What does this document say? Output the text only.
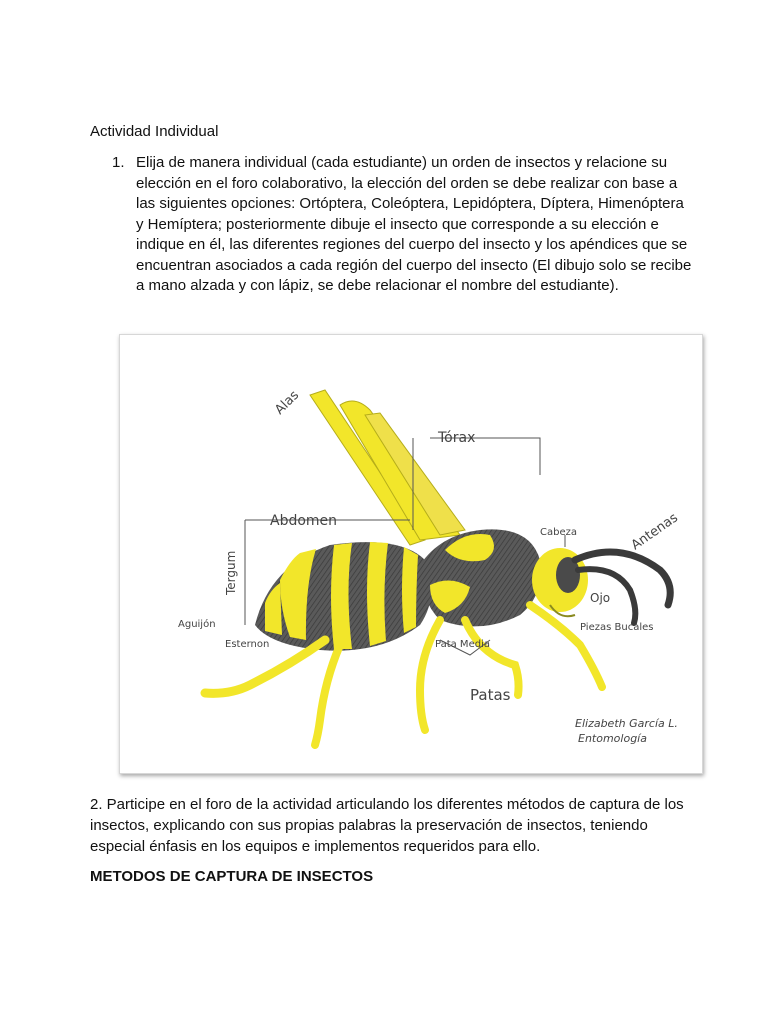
Actividad Individual
1. Elija de manera individual (cada estudiante) un orden de insectos y relacione su elección en el foro colaborativo, la elección del orden se debe realizar con base a las siguientes opciones: Ortóptera, Coleóptera, Lepidóptera, Díptera, Himenóptera y Hemíptera; posteriormente dibuje el insecto que corresponde a su elección e indique en él, las diferentes regiones del cuerpo del insecto y los apéndices que se encuentran asociados a cada región del cuerpo del insecto (El dibujo solo se recibe a mano alzada y con lápiz, se debe relacionar el nombre del estudiante).
Alas
Tórax
Abdomen
Cabeza	Antenas
Tergum
Ojo
Aguijón
Esternon	Pata Media
Piezas Bucales
Patas
Elizabeth García L.
Entomología
2. Participe en el foro de la actividad articulando los diferentes métodos de captura de los insectos, explicando con sus propias palabras la preservación de insectos, teniendo especial énfasis en los equipos e implementos requeridos para ello.
METODOS DE CAPTURA DE INSECTOS
